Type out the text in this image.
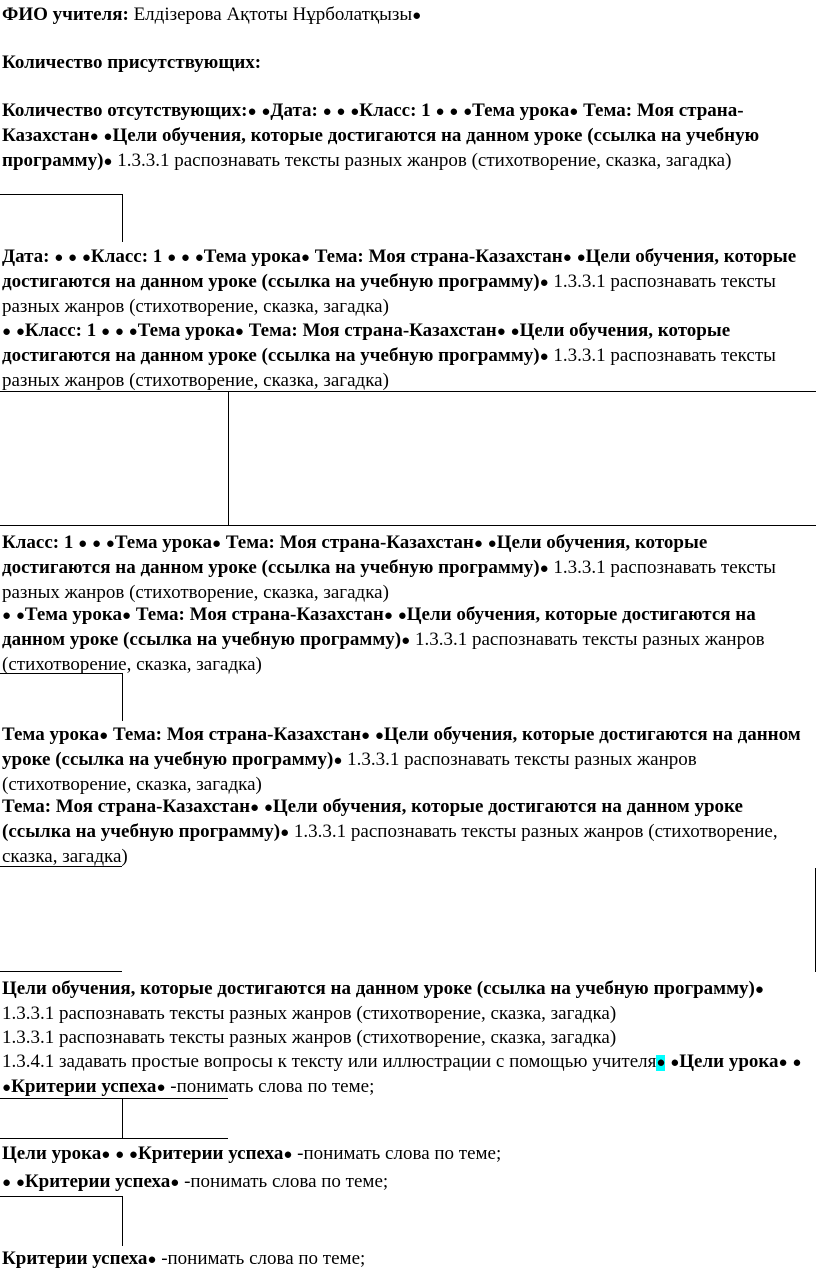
ФИО учителя: Елдізерова Ақтоты Нұрболатқызы●

Количество присутствующих:

Количество отсутствующих:● ●Дата: ● ● ●Класс: 1 ● ● ●Тема урока● Тема: Моя страна-Казахстан● ●Цели обучения, которые достигаются на данном уроке (ссылка на учебную программу)● 1.3.3.1 распознавать тексты разных жанров (стихотворение, сказка, загадка)

Дата: ● ● ●Класс: 1 ● ● ●Тема урока● Тема: Моя страна-Казахстан● ●Цели обучения, которые достигаются на данном уроке (ссылка на учебную программу)● 1.3.3.1 распознавать тексты разных жанров (стихотворение, сказка, загадка)

● ●Класс: 1 ● ● ●Тема урока● Тема: Моя страна-Казахстан● ●Цели обучения, которые достигаются на данном уроке (ссылка на учебную программу)● 1.3.3.1 распознавать тексты разных жанров (стихотворение, сказка, загадка)

Класс: 1 ● ● ●Тема урока● Тема: Моя страна-Казахстан● ●Цели обучения, которые достигаются на данном уроке (ссылка на учебную программу)● 1.3.3.1 распознавать тексты разных жанров (стихотворение, сказка, загадка)

● ●Тема урока● Тема: Моя страна-Казахстан● ●Цели обучения, которые достигаются на данном уроке (ссылка на учебную программу)● 1.3.3.1 распознавать тексты разных жанров (стихотворение, сказка, загадка)

Тема урока● Тема: Моя страна-Казахстан● ●Цели обучения, которые достигаются на данном уроке (ссылка на учебную программу)● 1.3.3.1 распознавать тексты разных жанров (стихотворение, сказка, загадка)

Тема: Моя страна-Казахстан● ●Цели обучения, которые достигаются на данном уроке (ссылка на учебную программу)● 1.3.3.1 распознавать тексты разных жанров (стихотворение, сказка, загадка)

Цели обучения, которые достигаются на данном уроке (ссылка на учебную программу)● 1.3.3.1 распознавать тексты разных жанров (стихотворение, сказка, загадка)
1.3.3.1 распознавать тексты разных жанров (стихотворение, сказка, загадка)
1.3.4.1 задавать простые вопросы к тексту или иллюстрации с помощью учителя● ●Цели урока● ● ●Критерии успеха● -понимать слова по теме;

Цели урока● ● ●Критерии успеха● -понимать слова по теме;

● ●Критерии успеха● -понимать слова по теме;

Критерии успеха● -понимать слова по теме;
